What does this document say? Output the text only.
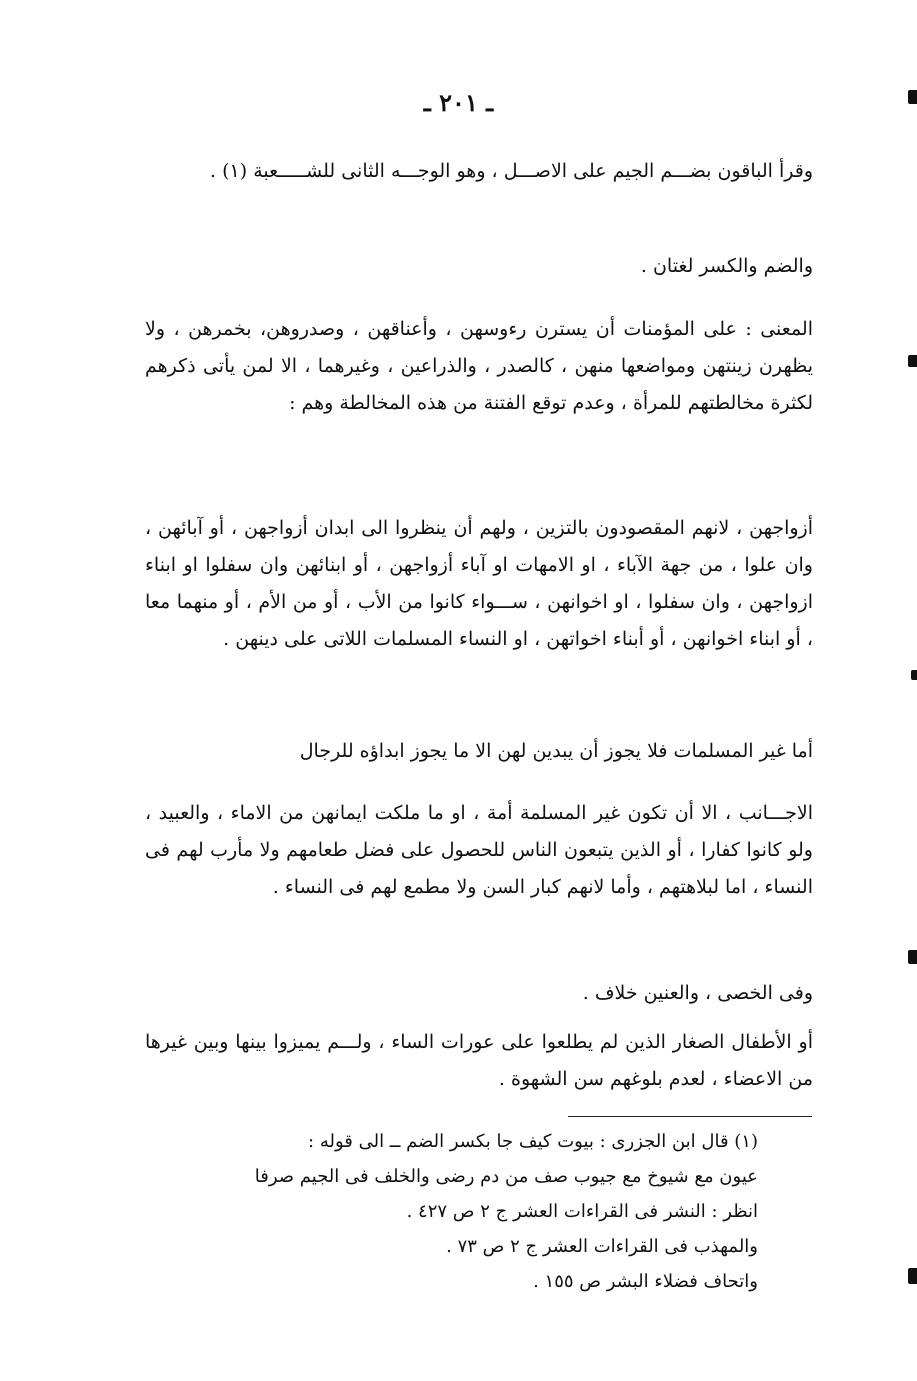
ـ ٢٠١ ـ

وقرأ الباقون بضـــم الجيم على الاصـــل ، وهو الوجـــه الثانى للشـــــعبة (١) .

والضم والكسر لغتان .

المعنى : على المؤمنات أن يسترن رءوسهن ، وأعناقهن ، وصدروهن، بخمرهن ، ولا يظهرن زينتهن ومواضعها منهن ، كالصدر ، والذراعين ، وغيرهما ، الا لمن يأتى ذكرهم لكثرة مخالطتهم للمرأة ، وعدم توقع الفتنة من هذه المخالطة وهم :

أزواجهن ، لانهم المقصودون بالتزين ، ولهم أن ينظروا الى ابدان أزواجهن ، أو آبائهن ، وان علوا ، من جهة الآباء ، او الامهات او آباء أزواجهن ، أو ابنائهن وان سفلوا او ابناء ازواجهن ، وان سفلوا ، او اخوانهن ، ســـواء كانوا من الأب ، أو من الأم ، أو منهما معا ، أو ابناء اخوانهن ، أو أبناء اخواتهن ، او النساء المسلمات اللاتى على دينهن .

أما غير المسلمات فلا يجوز أن يبدين لهن الا ما يجوز ابداؤه للرجال

الاجـــانب ، الا أن تكون غير المسلمة أمة ، او ما ملكت ايمانهن من الاماء ، والعبيد ، ولو كانوا كفارا ، أو الذين يتبعون الناس للحصول على فضل طعامهم ولا مأرب لهم فى النساء ، اما لبلاهتهم ، وأما لانهم كبار السن ولا مطمع لهم فى النساء .

وفى الخصى ، والعنين خلاف .

أو الأطفال الصغار الذين لم يطلعوا على عورات الساء ، ولـــم يميزوا بينها وبين غيرها من الاعضاء ، لعدم بلوغهم سن الشهوة .

(١) قال ابن الجزرى : بيوت كيف جا بكسر الضم ــ الى قوله :
عيون مع شيوخ مع جيوب صف من دم رضى والخلف فى الجيم صرفا
انظر : النشر فى القراءات العشر ج ٢ ص ٤٢٧ .
والمهذب فى القراءات العشر ج ٢ ص ٧٣ .
واتحاف فضلاء البشر ص ١٥٥ .
